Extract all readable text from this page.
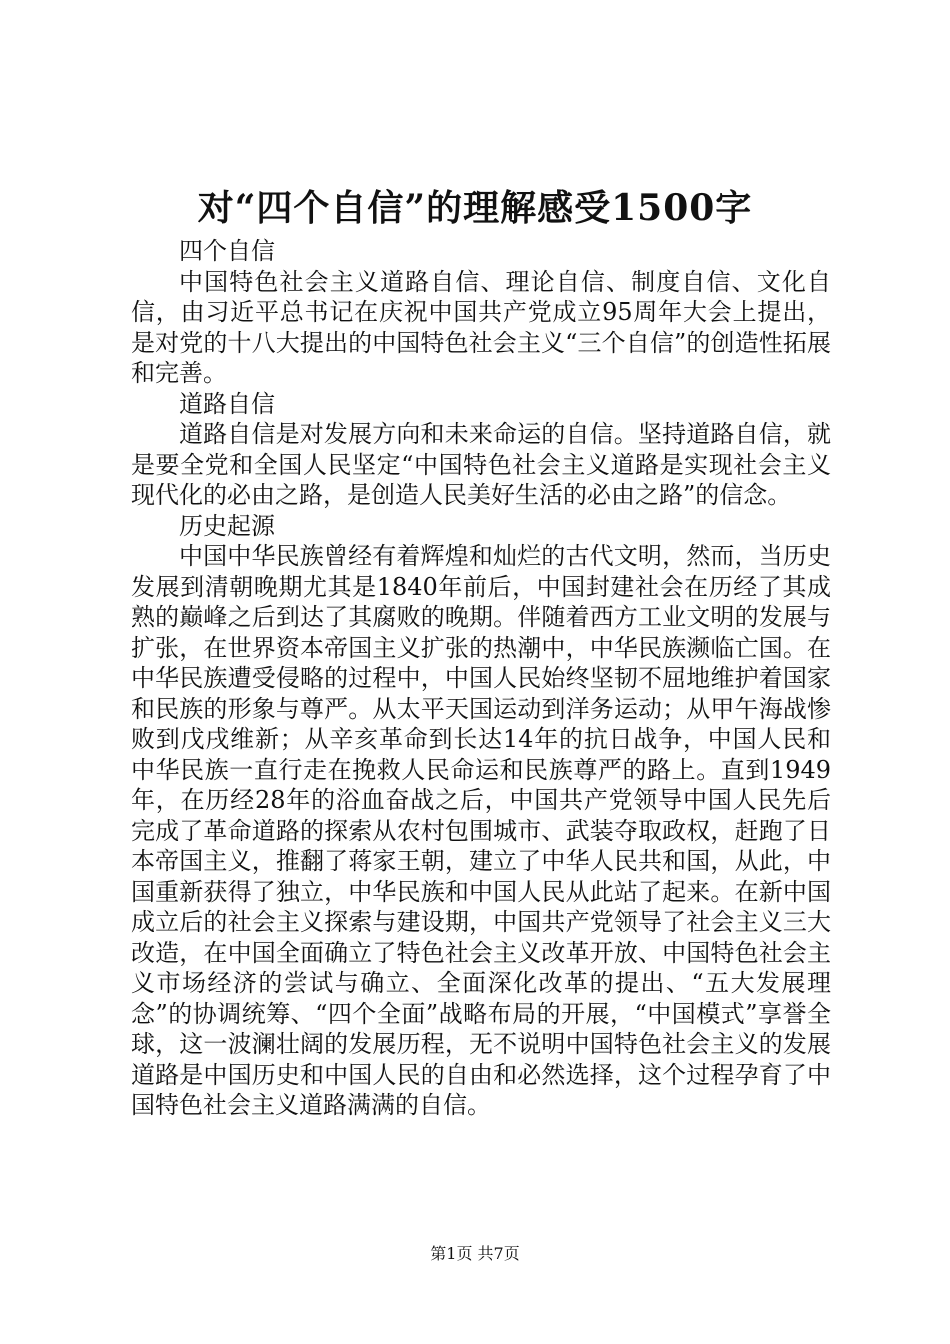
对“四个自信”的理解感受1500字

四个自信

中国特色社会主义道路自信、理论自信、制度自信、文化自信，由习近平总书记在庆祝中国共产党成立95周年大会上提出，是对党的十八大提出的中国特色社会主义“三个自信”的创造性拓展和完善。

道路自信

道路自信是对发展方向和未来命运的自信。坚持道路自信，就是要全党和全国人民坚定“中国特色社会主义道路是实现社会主义现代化的必由之路，是创造人民美好生活的必由之路”的信念。

历史起源

中国中华民族曾经有着辉煌和灿烂的古代文明，然而，当历史发展到清朝晚期尤其是1840年前后，中国封建社会在历经了其成熟的巅峰之后到达了其腐败的晚期。伴随着西方工业文明的发展与扩张，在世界资本帝国主义扩张的热潮中，中华民族濒临亡国。在中华民族遭受侵略的过程中，中国人民始终坚韧不屈地维护着国家和民族的形象与尊严。从太平天国运动到洋务运动；从甲午海战惨败到戊戌维新；从辛亥革命到长达14年的抗日战争，中国人民和中华民族一直行走在挽救人民命运和民族尊严的路上。直到1949年，在历经28年的浴血奋战之后，中国共产党领导中国人民先后完成了革命道路的探索从农村包围城市、武装夺取政权，赶跑了日本帝国主义，推翻了蒋家王朝，建立了中华人民共和国，从此，中国重新获得了独立，中华民族和中国人民从此站了起来。在新中国成立后的社会主义探索与建设期，中国共产党领导了社会主义三大改造，在中国全面确立了特色社会主义改革开放、中国特色社会主义市场经济的尝试与确立、全面深化改革的提出、“五大发展理念”的协调统筹、“四个全面”战略布局的开展，“中国模式”享誉全球，这一波澜壮阔的发展历程，无不说明中国特色社会主义的发展道路是中国历史和中国人民的自由和必然选择，这个过程孕育了中国特色社会主义道路满满的自信。

第1页 共7页
